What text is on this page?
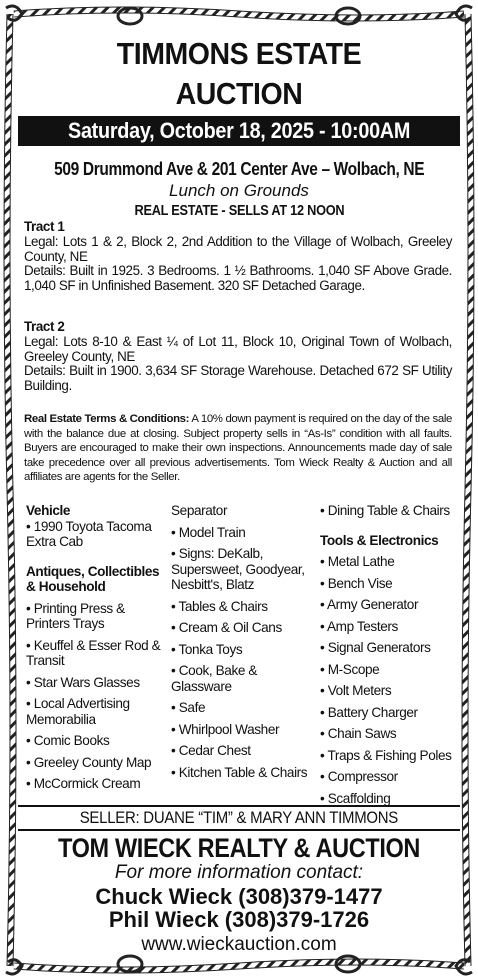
TIMMONS ESTATE
AUCTION
Saturday, October 18, 2025 - 10:00AM
509 Drummond Ave & 201 Center Ave – Wolbach, NE
Lunch on Grounds
REAL ESTATE - SELLS AT 12 NOON
Tract 1
Legal: Lots 1 & 2, Block 2, 2nd Addition to the Village of Wolbach, Greeley County, NE
Details: Built in 1925. 3 Bedrooms. 1 ½ Bathrooms. 1,040 SF Above Grade. 1,040 SF in Unfinished Basement. 320 SF Detached Garage.
Tract 2
Legal: Lots 8-10 & East ¼ of Lot 11, Block 10, Original Town of Wolbach, Greeley County, NE
Details: Built in 1900. 3,634 SF Storage Warehouse. Detached 672 SF Utility Building.
Real Estate Terms & Conditions: A 10% down payment is required on the day of the sale with the balance due at closing. Subject property sells in “As-Is” condition with all faults. Buyers are encouraged to make their own inspections. Announcements made day of sale take precedence over all previous advertisements. Tom Wieck Realty & Auction and all affiliates are agents for the Seller.
Vehicle
• 1990 Toyota Tacoma Extra Cab
Antiques, Collectibles & Household
• Printing Press & Printers Trays
• Keuffel & Esser Rod & Transit
• Star Wars Glasses
• Local Advertising Memorabilia
• Comic Books
• Greeley County Map
• McCormick Cream
Separator
• Model Train
• Signs: DeKalb, Supersweet, Goodyear, Nesbitt's, Blatz
• Tables & Chairs
• Cream & Oil Cans
• Tonka Toys
• Cook, Bake & Glassware
• Safe
• Whirlpool Washer
• Cedar Chest
• Kitchen Table & Chairs
• Dining Table & Chairs
Tools & Electronics
• Metal Lathe
• Bench Vise
• Army Generator
• Amp Testers
• Signal Generators
• M-Scope
• Volt Meters
• Battery Charger
• Chain Saws
• Traps & Fishing Poles
• Compressor
• Scaffolding
SELLER: DUANE “TIM” & MARY ANN TIMMONS
TOM WIECK REALTY & AUCTION
For more information contact:
Chuck Wieck (308)379-1477
Phil Wieck (308)379-1726
www.wieckauction.com
